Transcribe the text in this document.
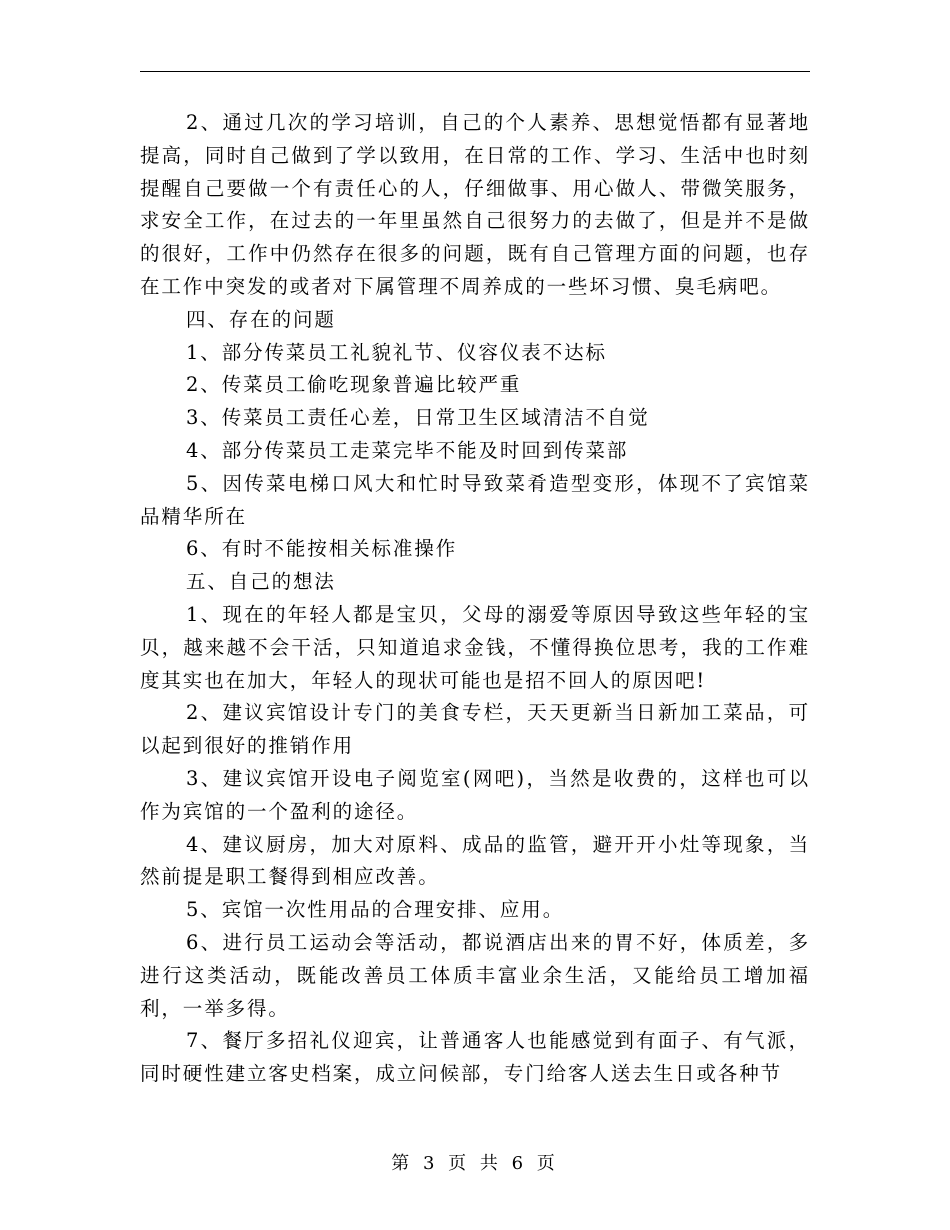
2、通过几次的学习培训，自己的个人素养、思想觉悟都有显著地提高，同时自己做到了学以致用，在日常的工作、学习、生活中也时刻提醒自己要做一个有责任心的人，仔细做事、用心做人、带微笑服务，求安全工作，在过去的一年里虽然自己很努力的去做了，但是并不是做的很好，工作中仍然存在很多的问题，既有自己管理方面的问题，也存在工作中突发的或者对下属管理不周养成的一些坏习惯、臭毛病吧。

四、存在的问题

1、部分传菜员工礼貌礼节、仪容仪表不达标

2、传菜员工偷吃现象普遍比较严重

3、传菜员工责任心差，日常卫生区域清洁不自觉

4、部分传菜员工走菜完毕不能及时回到传菜部

5、因传菜电梯口风大和忙时导致菜肴造型变形，体现不了宾馆菜品精华所在

6、有时不能按相关标准操作

五、自己的想法

1、现在的年轻人都是宝贝，父母的溺爱等原因导致这些年轻的宝贝，越来越不会干活，只知道追求金钱，不懂得换位思考，我的工作难度其实也在加大，年轻人的现状可能也是招不回人的原因吧!

2、建议宾馆设计专门的美食专栏，天天更新当日新加工菜品，可以起到很好的推销作用

3、建议宾馆开设电子阅览室(网吧)，当然是收费的，这样也可以作为宾馆的一个盈利的途径。

4、建议厨房，加大对原料、成品的监管，避开开小灶等现象，当然前提是职工餐得到相应改善。

5、宾馆一次性用品的合理安排、应用。

6、进行员工运动会等活动，都说酒店出来的胃不好，体质差，多进行这类活动，既能改善员工体质丰富业余生活，又能给员工增加福利，一举多得。

7、餐厅多招礼仪迎宾，让普通客人也能感觉到有面子、有气派，同时硬性建立客史档案，成立问候部，专门给客人送去生日或各种节

第 3 页 共 6 页
